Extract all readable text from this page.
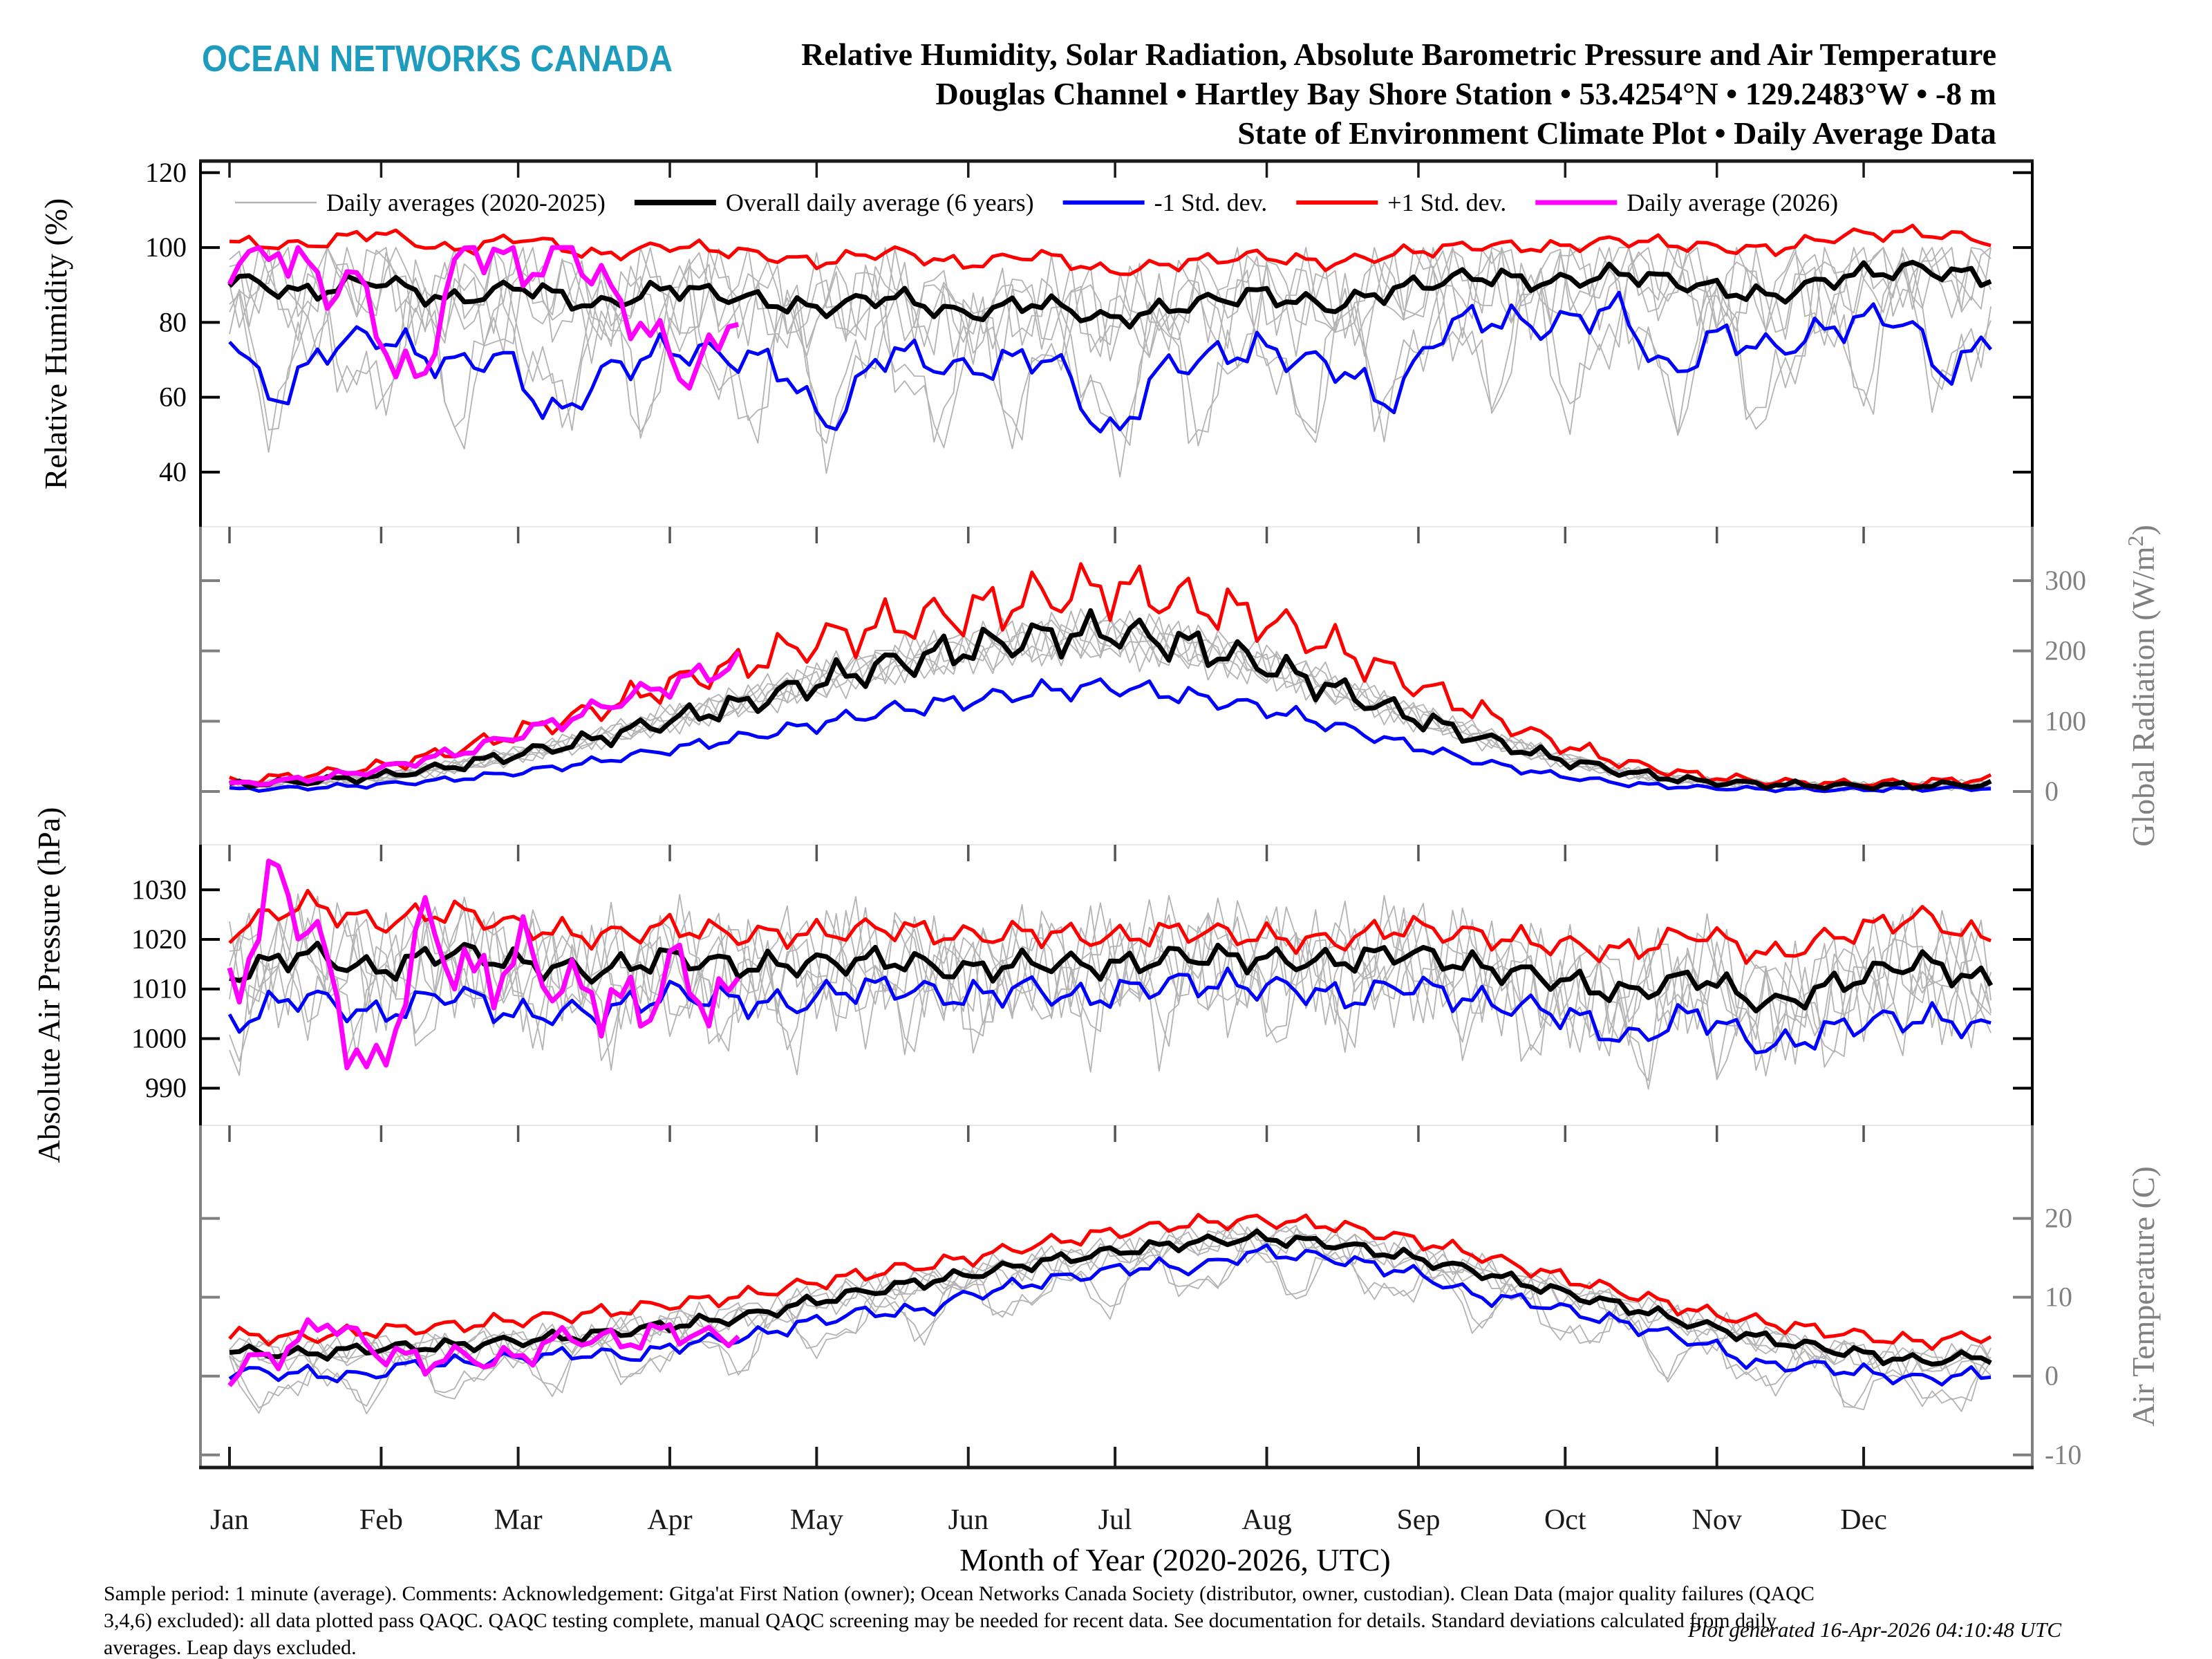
OCEAN NETWORKS CANADA	Relative Humidity, Solar Radiation, Absolute Barometric Pressure and Air Temperature
Douglas Channel • Hartley Bay Shore Station • 53.4254°N • 129.2483°W • -8 m
State of Environment Climate Plot • Daily Average Data
40
60
80
100
120
Relative Humidity (%)
0
100
200
300 Global Radiation $(W/m^2)$
990
1000
1010
1020
1030
Absolute Air Pressure (hPa)
-10
0
10
20 Air Temperature (C)
Jan	Feb	Mar	Apr	May	Jun	Jul	Aug	Sep	Oct	Nov	Dec
Month of Year (2020-2026, UTC)
Daily averages (2020-2025)	Overall daily average (6 years)	-1 Std. dev.	+1 Std. dev.	Daily average (2026)
Sample period: 1 minute (average). Comments: Acknowledgement: Gitga'at First Nation (owner); Ocean Networks Canada Society (distributor, owner, custodian). Clean Data (major quality failures (QAQC 3,4,6) excluded): all data plotted pass QAQC. QAQC testing complete, manual QAQC screening may be needed for recent data. See documentation for details. Standard deviations calculated from daily averages. Leap days excluded.
Plot generated 16-Apr-2026 04:10:48 UTC
